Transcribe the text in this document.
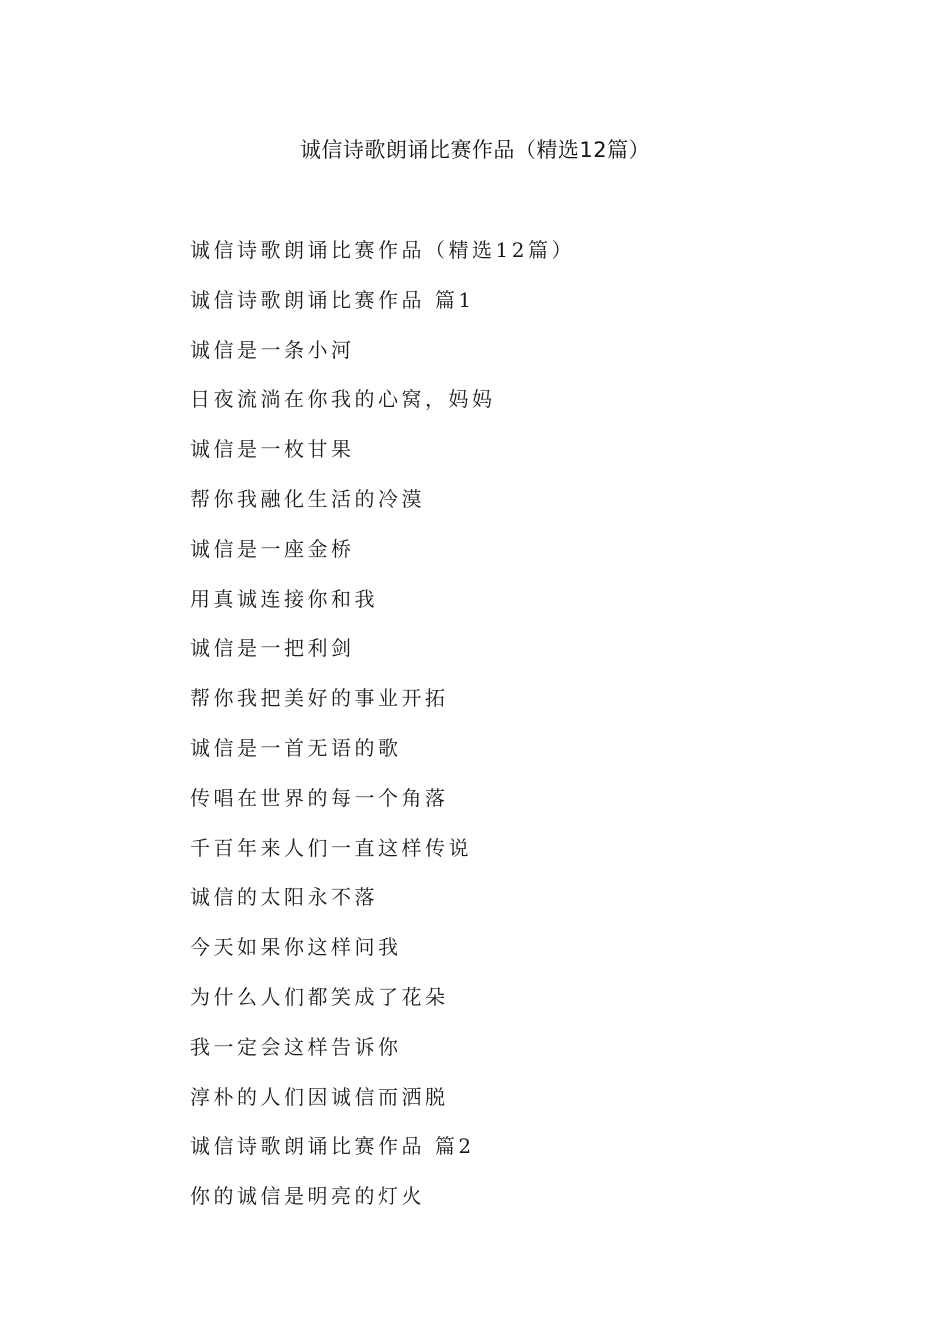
诚信诗歌朗诵比赛作品（精选12篇）
诚信诗歌朗诵比赛作品（精选12篇）
诚信诗歌朗诵比赛作品 篇1
诚信是一条小河
日夜流淌在你我的心窝，妈妈
诚信是一枚甘果
帮你我融化生活的冷漠
诚信是一座金桥
用真诚连接你和我
诚信是一把利剑
帮你我把美好的事业开拓
诚信是一首无语的歌
传唱在世界的每一个角落
千百年来人们一直这样传说
诚信的太阳永不落
今天如果你这样问我
为什么人们都笑成了花朵
我一定会这样告诉你
淳朴的人们因诚信而洒脱
诚信诗歌朗诵比赛作品 篇2
你的诚信是明亮的灯火
